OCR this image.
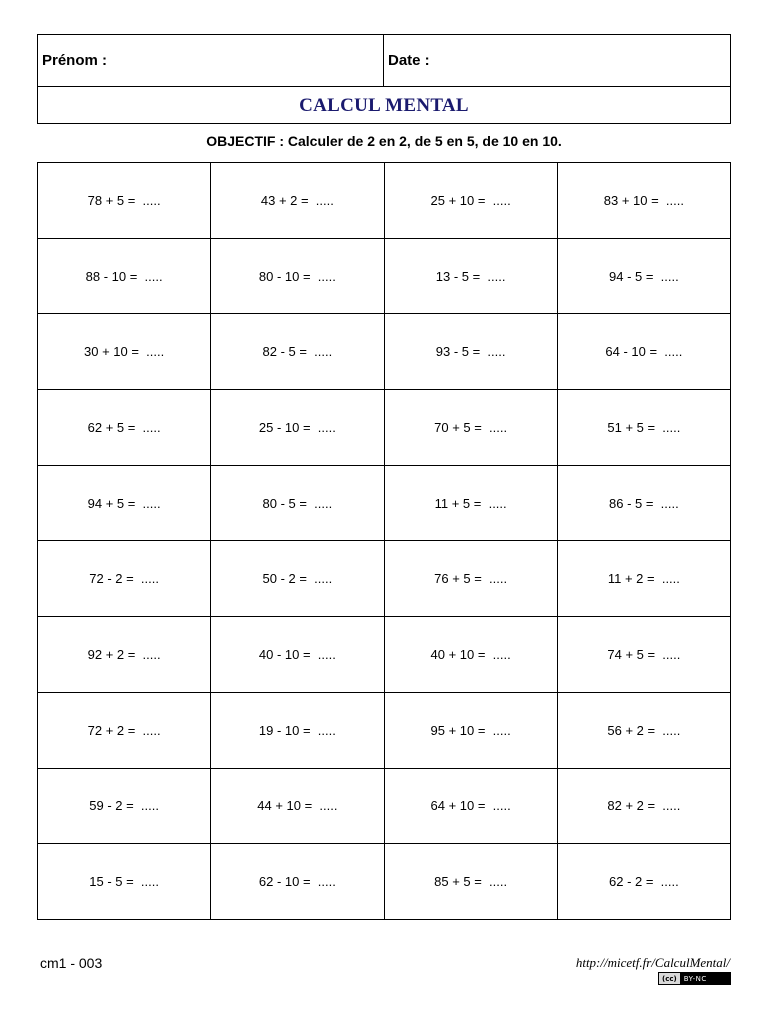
Prénom :	Date :
CALCUL MENTAL
OBJECTIF : Calculer de 2 en 2, de 5 en 5, de 10 en 10.
78 + 5 =  .....	43 + 2 =  .....	25 + 10 =  .....	83 + 10 =  .....
88 - 10 =  .....	80 - 10 =  .....	13 - 5 =  .....	94 - 5 =  .....
30 + 10 =  .....	82 - 5 =  .....	93 - 5 =  .....	64 - 10 =  .....
62 + 5 =  .....	25 - 10 =  .....	70 + 5 =  .....	51 + 5 =  .....
94 + 5 =  .....	80 - 5 =  .....	11 + 5 =  .....	86 - 5 =  .....
72 - 2 =  .....	50 - 2 =  .....	76 + 5 =  .....	11 + 2 =  .....
92 + 2 =  .....	40 - 10 =  .....	40 + 10 =  .....	74 + 5 =  .....
72 + 2 =  .....	19 - 10 =  .....	95 + 10 =  .....	56 + 2 =  .....
59 - 2 =  .....	44 + 10 =  .....	64 + 10 =  .....	82 + 2 =  .....
15 - 5 =  .....	62 - 10 =  .....	85 + 5 =  .....	62 - 2 =  .....
cm1 - 003	http://micetf.fr/CalculMental/
(cc)	BY-NC
